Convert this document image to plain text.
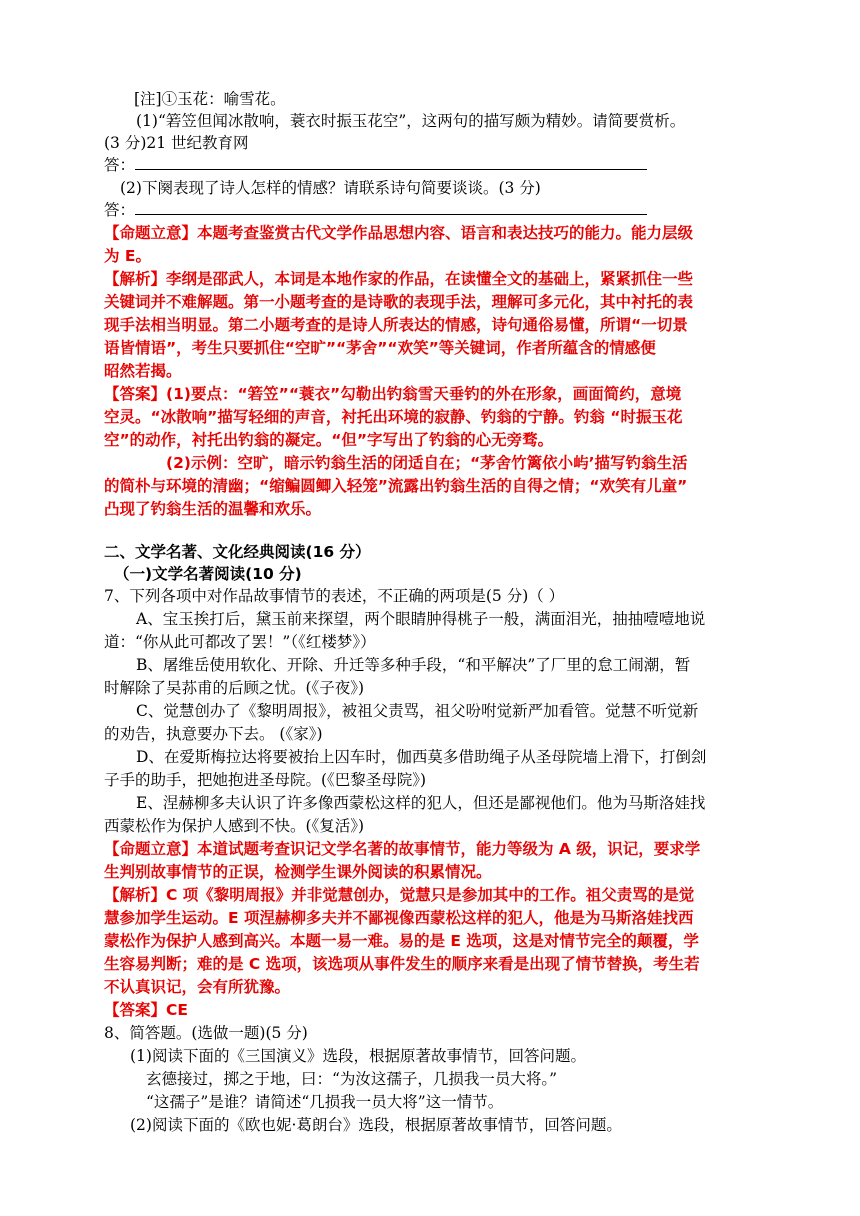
[注]①玉花：喻雪花。
(1)“箬笠但闻冰散响，蓑衣时振玉花空”，这两句的描写颇为精妙。请简要赏析。
(3 分)21 世纪教育网
答：
(2)下阕表现了诗人怎样的情感？请联系诗句简要谈谈。(3 分)
答：
【命题立意】本题考查鉴赏古代文学作品思想内容、语言和表达技巧的能力。能力层级
为 E。
【解析】李纲是邵武人，本词是本地作家的作品，在读懂全文的基础上，紧紧抓住一些
关键词并不难解题。第一小题考查的是诗歌的表现手法，理解可多元化，其中衬托的表
现手法相当明显。第二小题考查的是诗人所表达的情感，诗句通俗易懂，所谓“一切景
语皆情语”，考生只要抓住“空旷”“茅舍”“欢笑”等关键词，作者所蕴含的情感便
昭然若揭。
【答案】(1)要点：“箬笠”“蓑衣”勾勒出钓翁雪天垂钓的外在形象，画面简约，意境
空灵。“冰散响”描写轻细的声音，衬托出环境的寂静、钓翁的宁静。钓翁 “时振玉花
空”的动作，衬托出钓翁的凝定。“但”字写出了钓翁的心无旁骛。
(2)示例：空旷，暗示钓翁生活的闭适自在；“茅舍竹篱依小屿’描写钓翁生活
的简朴与环境的清幽；“缩鳊圆鲫入轻笼”流露出钓翁生活的自得之情；“欢笑有儿童”
凸现了钓翁生活的温馨和欢乐。
二、文学名著、文化经典阅读(16 分）
（一)文学名著阅读(10 分)
7、下列各项中对作品故事情节的表述，不正确的两项是(5 分)（ ）
A、宝玉挨打后，黛玉前来探望，两个眼睛肿得桃子一般，满面泪光，抽抽噎噎地说
道：“你从此可都改了罢！”（《红楼梦》）
B、屠维岳使用软化、开除、升迁等多种手段，“和平解决”了厂里的怠工闹潮，暂
时解除了吴荪甫的后顾之忧。(《子夜》)
C、觉慧创办了《黎明周报》，被祖父责骂，祖父吩咐觉新严加看管。觉慧不听觉新
的劝告，执意要办下去。 (《家》)
D、在爱斯梅拉达将要被抬上囚车时，伽西莫多借助绳子从圣母院墙上滑下，打倒刽
子手的助手，把她抱进圣母院。(《巴黎圣母院》)
E、涅赫柳多夫认识了许多像西蒙松这样的犯人，但还是鄙视他们。他为马斯洛娃找
西蒙松作为保护人感到不快。(《复活》)
【命题立意】本道试题考查识记文学名著的故事情节，能力等级为 A 级，识记，要求学
生判别故事情节的正误，检测学生课外阅读的积累情况。
【解析】C 项《黎明周报》并非觉慧创办，觉慧只是参加其中的工作。祖父责骂的是觉
慧参加学生运动。E 项涅赫柳多夫并不鄙视像西蒙松这样的犯人，他是为马斯洛娃找西
蒙松作为保护人感到高兴。本题一易一难。易的是 E 选项，这是对情节完全的颠覆，学
生容易判断；难的是 C 选项，该选项从事件发生的顺序来看是出现了情节替换，考生若
不认真识记，会有所犹豫。
【答案】CE
8、简答题。(选做一题)(5 分)
(1)阅读下面的《三国演义》选段，根据原著故事情节，回答问题。
玄德接过，掷之于地，曰：“为汝这孺子，几损我一员大将。”
“这孺子”是谁？请简述“几损我一员大将”这一情节。
(2)阅读下面的《欧也妮·葛朗台》选段，根据原著故事情节，回答问题。
